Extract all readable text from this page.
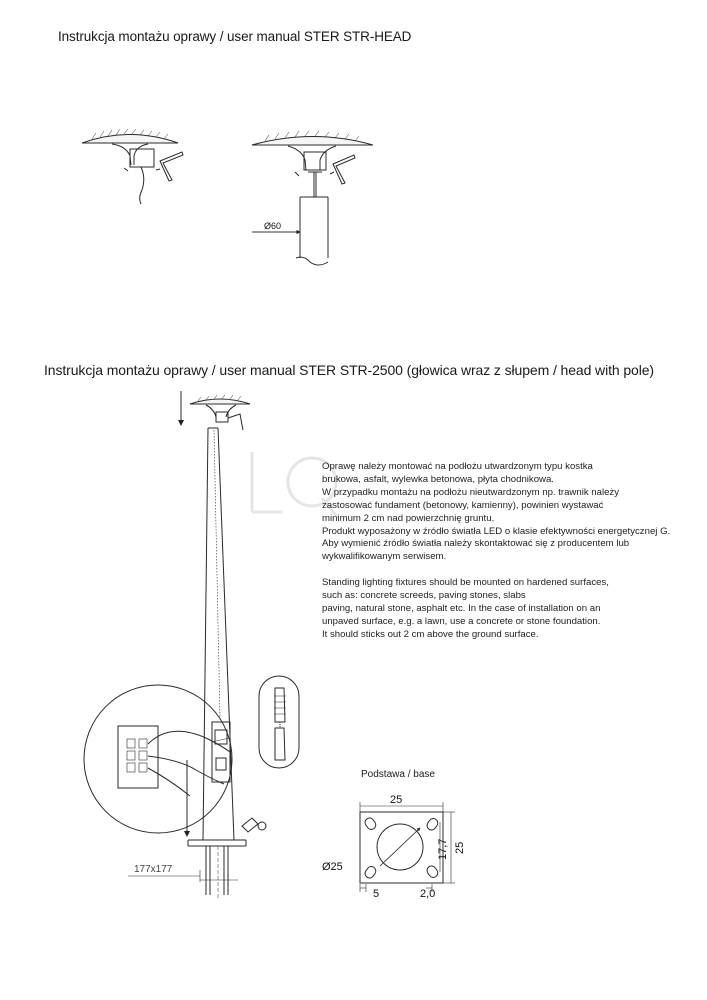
Instrukcja montażu oprawy / user manual STER STR-HEAD
Instrukcja montażu oprawy / user manual STER STR-2500 (głowica wraz z słupem / head with pole)
Ø60
177x177
25
25
17,7
Ø25
5	2,0
Oprawę należy montować na podłożu utwardzonym typu kostka
brukowa, asfalt, wylewka betonowa, płyta chodnikowa.
W przypadku montażu na podłożu nieutwardzonym np. trawnik należy
zastosować fundament (betonowy, kamienny), powinien wystawać
minimum 2 cm nad powierzchnię gruntu.
Produkt wyposażony w źródło światła LED o klasie efektywności energetycznej G.
Aby wymienić źródło światła należy skontaktować się z producentem lub
wykwalifikowanym serwisem.
Standing lighting fixtures should be mounted on hardened surfaces,
such as: concrete screeds, paving stones, slabs
paving, natural stone, asphalt etc. In the case of installation on an
unpaved surface, e.g. a lawn, use a concrete or stone foundation.
It should sticks out 2 cm above the ground surface.
Podstawa / base
